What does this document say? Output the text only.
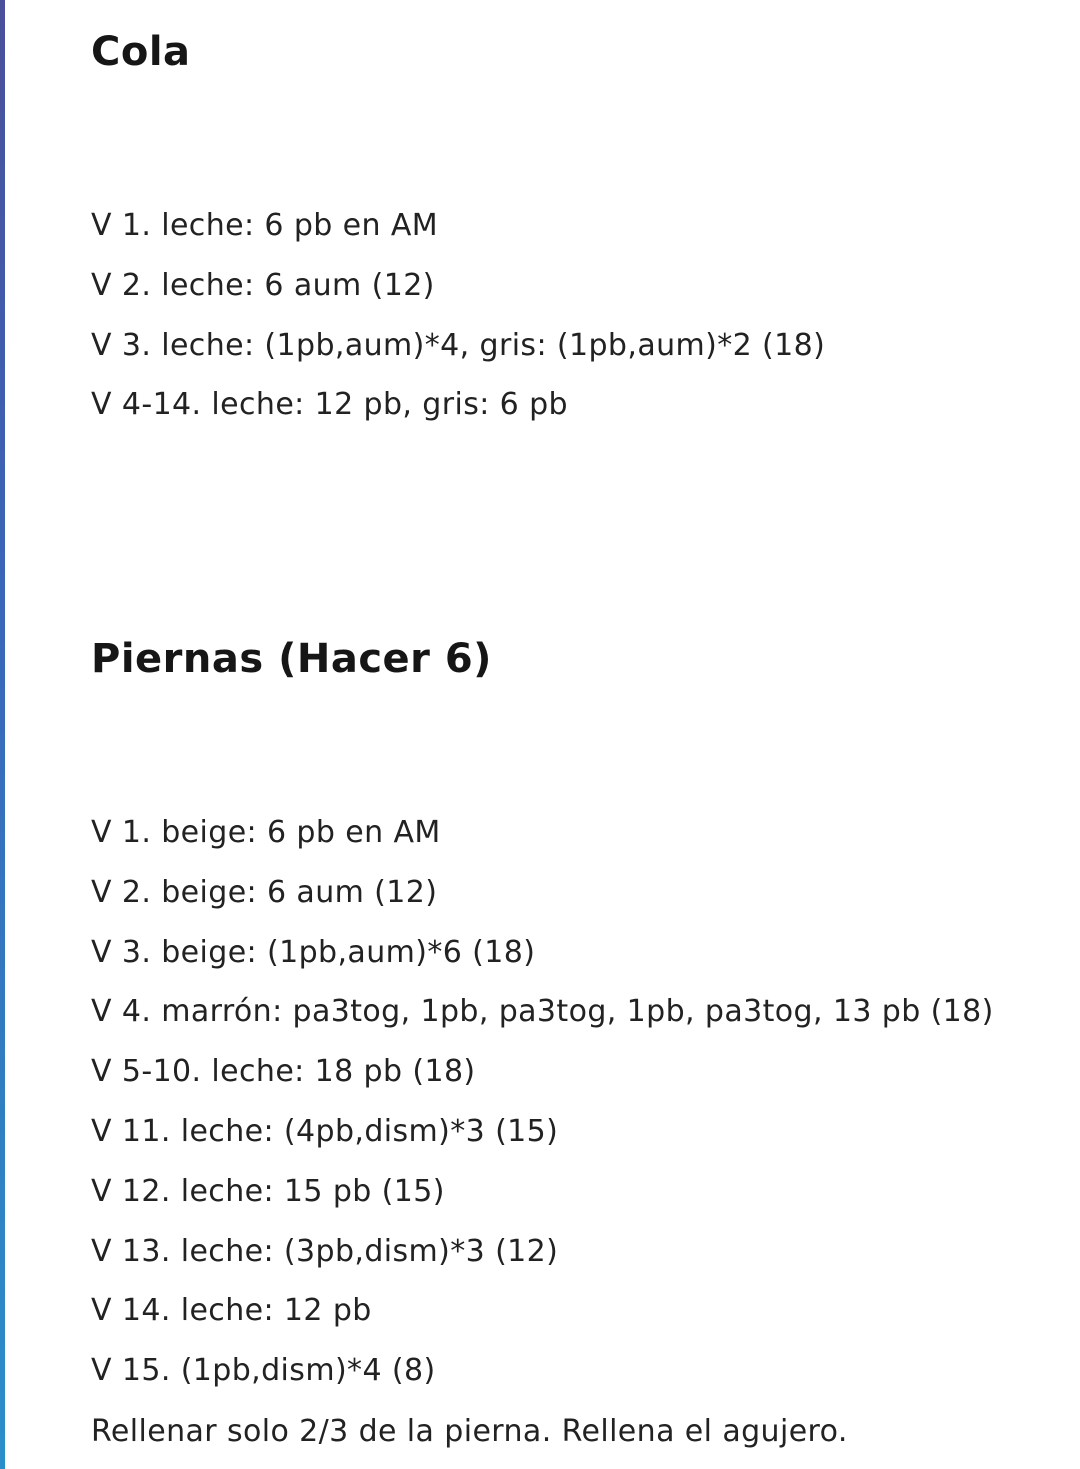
Cola
V 1. leche: 6 pb en AM
V 2. leche: 6 aum (12)
V 3. leche: (1pb,aum)*4, gris: (1pb,aum)*2 (18)
V 4-14. leche: 12 pb, gris: 6 pb
Piernas (Hacer 6)
V 1. beige: 6 pb en AM
V 2. beige: 6 aum (12)
V 3. beige: (1pb,aum)*6 (18)
V 4. marrón: pa3tog, 1pb, pa3tog, 1pb, pa3tog, 13 pb (18)
V 5-10. leche: 18 pb (18)
V 11. leche: (4pb,dism)*3 (15)
V 12. leche: 15 pb (15)
V 13. leche: (3pb,dism)*3 (12)
V 14. leche: 12 pb
V 15. (1pb,dism)*4 (8)

Rellenar solo 2/3 de la pierna. Rellena el agujero.
